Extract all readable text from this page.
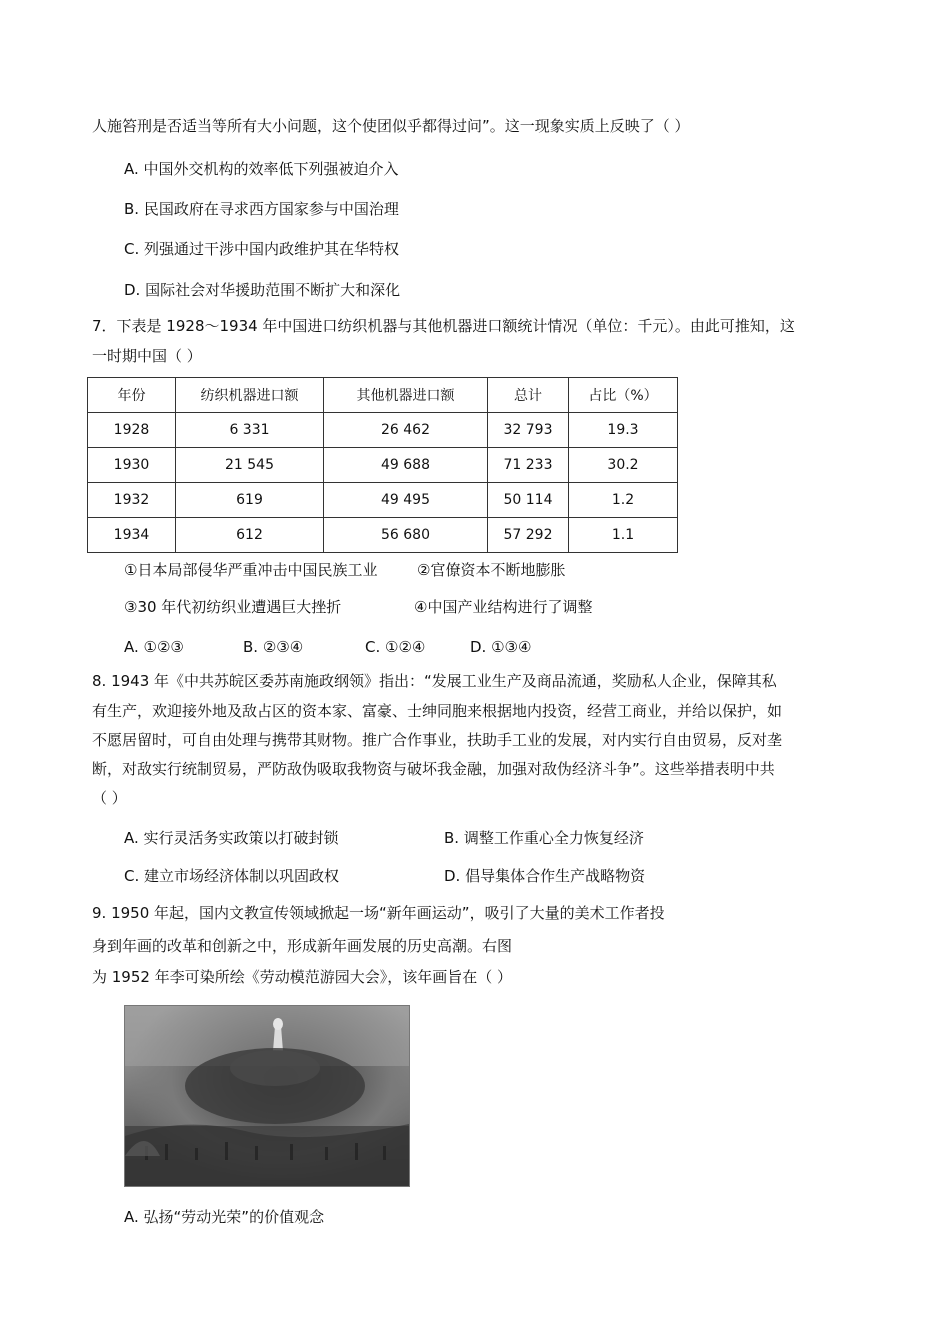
人施笞刑是否适当等所有大小问题，这个使团似乎都得过问”。这一现象实质上反映了（ ）
A. 中国外交机构的效率低下列强被迫介入
B. 民国政府在寻求西方国家参与中国治理
C. 列强通过干涉中国内政维护其在华特权
D. 国际社会对华援助范围不断扩大和深化
7．下表是 1928～1934 年中国进口纺织机器与其他机器进口额统计情况（单位：千元）。由此可推知，这
一时期中国（ ）
年份	纺织机器进口额	其他机器进口额	总计	占比（%）
1928	6 331	26 462	32 793	19.3
1930	21 545	49 688	71 233	30.2
1932	619	49 495	50 114	1.2
1934	612	56 680	57 292	1.1
①日本局部侵华严重冲击中国民族工业	②官僚资本不断地膨胀
③30 年代初纺织业遭遇巨大挫折	④中国产业结构进行了调整
A. ①②③	B. ②③④	C. ①②④	D. ①③④
8. 1943 年《中共苏皖区委苏南施政纲领》指出：“发展工业生产及商品流通，奖励私人企业，保障其私
有生产，欢迎接外地及敌占区的资本家、富豪、士绅同胞来根据地内投资，经营工商业，并给以保护，如
不愿居留时，可自由处理与携带其财物。推广合作事业，扶助手工业的发展，对内实行自由贸易，反对垄
断，对敌实行统制贸易，严防敌伪吸取我物资与破坏我金融，加强对敌伪经济斗争”。这些举措表明中共
（ ）
A. 实行灵活务实政策以打破封锁	B. 调整工作重心全力恢复经济
C. 建立市场经济体制以巩固政权	D. 倡导集体合作生产战略物资
9. 1950 年起，国内文教宣传领域掀起一场“新年画运动”，吸引了大量的美术工作者投
身到年画的改革和创新之中，形成新年画发展的历史高潮。右图
为 1952 年李可染所绘《劳动模范游园大会》，该年画旨在（ ）
A. 弘扬“劳动光荣”的价值观念
